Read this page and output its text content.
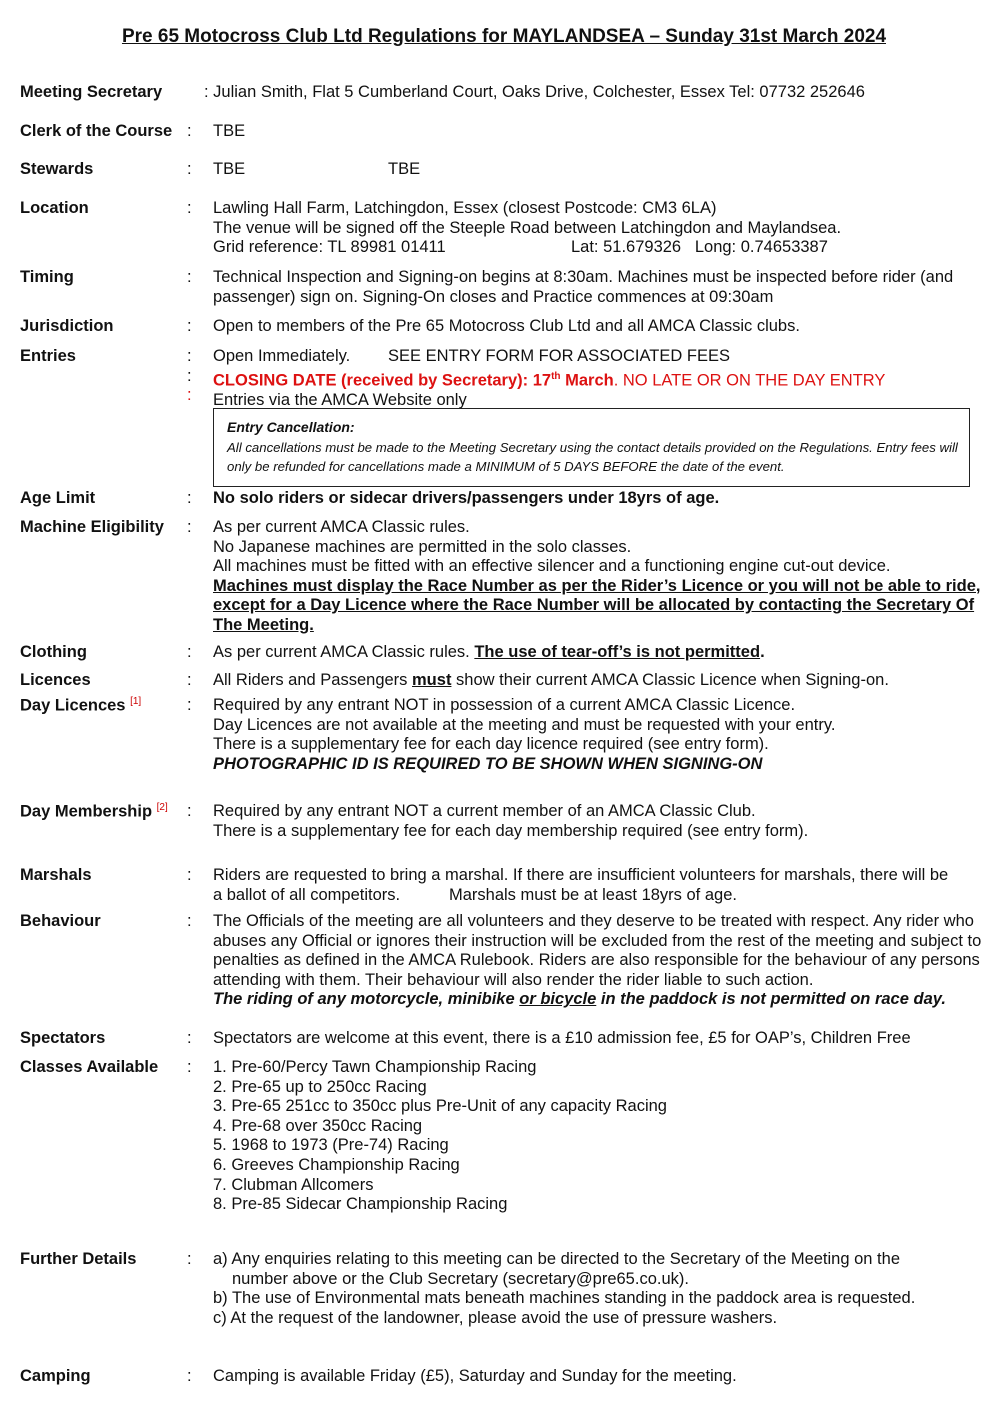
Pre 65 Motocross Club Ltd Regulations for MAYLANDSEA – Sunday 31st March 2024
Meeting Secretary	: Julian Smith, Flat 5 Cumberland Court, Oaks Drive, Colchester, Essex Tel: 07732 252646
Clerk of the Course : TBE
Stewards	: TBE	TBE
Location	: Lawling Hall Farm, Latchingdon, Essex (closest Postcode: CM3 6LA)
The venue will be signed off the Steeple Road between Latchingdon and Maylandsea.
Grid reference: TL 89981 01411	Lat: 51.679326   Long: 0.74653387
Timing	: Technical Inspection and Signing-on begins at 8:30am. Machines must be inspected before rider (and passenger) sign on. Signing-On closes and Practice commences at 09:30am
Jurisdiction	: Open to members of the Pre 65 Motocross Club Ltd and all AMCA Classic clubs.
Entries	:
:
:
Open Immediately. SEE ENTRY FORM FOR ASSOCIATED FEES
CLOSING DATE (received by Secretary): 17th March. NO LATE OR ON THE DAY ENTRY
Entries via the AMCA Website only
Entry Cancellation:
All cancellations must be made to the Meeting Secretary using the contact details provided on the Regulations. Entry fees will only be refunded for cancellations made a MINIMUM of 5 DAYS BEFORE the date of the event.
Age Limit	: No solo riders or sidecar drivers/passengers under 18yrs of age.
Machine Eligibility : As per current AMCA Classic rules.
No Japanese machines are permitted in the solo classes.
All machines must be fitted with an effective silencer and a functioning engine cut-out device.
Machines must display the Race Number as per the Rider’s Licence or you will not be able to ride, except for a Day Licence where the Race Number will be allocated by contacting the Secretary Of The Meeting.
Clothing	: As per current AMCA Classic rules. The use of tear-off’s is not permitted.
Licences	: All Riders and Passengers must show their current AMCA Classic Licence when Signing-on.
Day Licences [1]	: Required by any entrant NOT in possession of a current AMCA Classic Licence.
Day Licences are not available at the meeting and must be requested with your entry.
There is a supplementary fee for each day licence required (see entry form).
PHOTOGRAPHIC ID IS REQUIRED TO BE SHOWN WHEN SIGNING-ON
Day Membership [2] : Required by any entrant NOT a current member of an AMCA Classic Club.
There is a supplementary fee for each day membership required (see entry form).
Marshals	: Riders are requested to bring a marshal. If there are insufficient volunteers for marshals, there will be
a ballot of all competitors.	Marshals must be at least 18yrs of age.
Behaviour	: The Officials of the meeting are all volunteers and they deserve to be treated with respect. Any rider who abuses any Official or ignores their instruction will be excluded from the rest of the meeting and subject to penalties as defined in the AMCA Rulebook. Riders are also responsible for the behaviour of any persons attending with them. Their behaviour will also render the rider liable to such action.
The riding of any motorcycle, minibike or bicycle in the paddock is not permitted on race day.
Spectators	: Spectators are welcome at this event, there is a £10 admission fee, £5 for OAP’s, Children Free
Classes Available : 1. Pre-60/Percy Tawn Championship Racing
2. Pre-65 up to 250cc Racing
3. Pre-65 251cc to 350cc plus Pre-Unit of any capacity Racing
4. Pre-68 over 350cc Racing
5. 1968 to 1973 (Pre-74) Racing
6. Greeves Championship Racing
7. Clubman Allcomers
8. Pre-85 Sidecar Championship Racing
Further Details	: a) Any enquiries relating to this meeting can be directed to the Secretary of the Meeting on the
number above or the Club Secretary (secretary@pre65.co.uk).
b) The use of Environmental mats beneath machines standing in the paddock area is requested.
c) At the request of the landowner, please avoid the use of pressure washers.
Camping	: Camping is available Friday (£5), Saturday and Sunday for the meeting.
